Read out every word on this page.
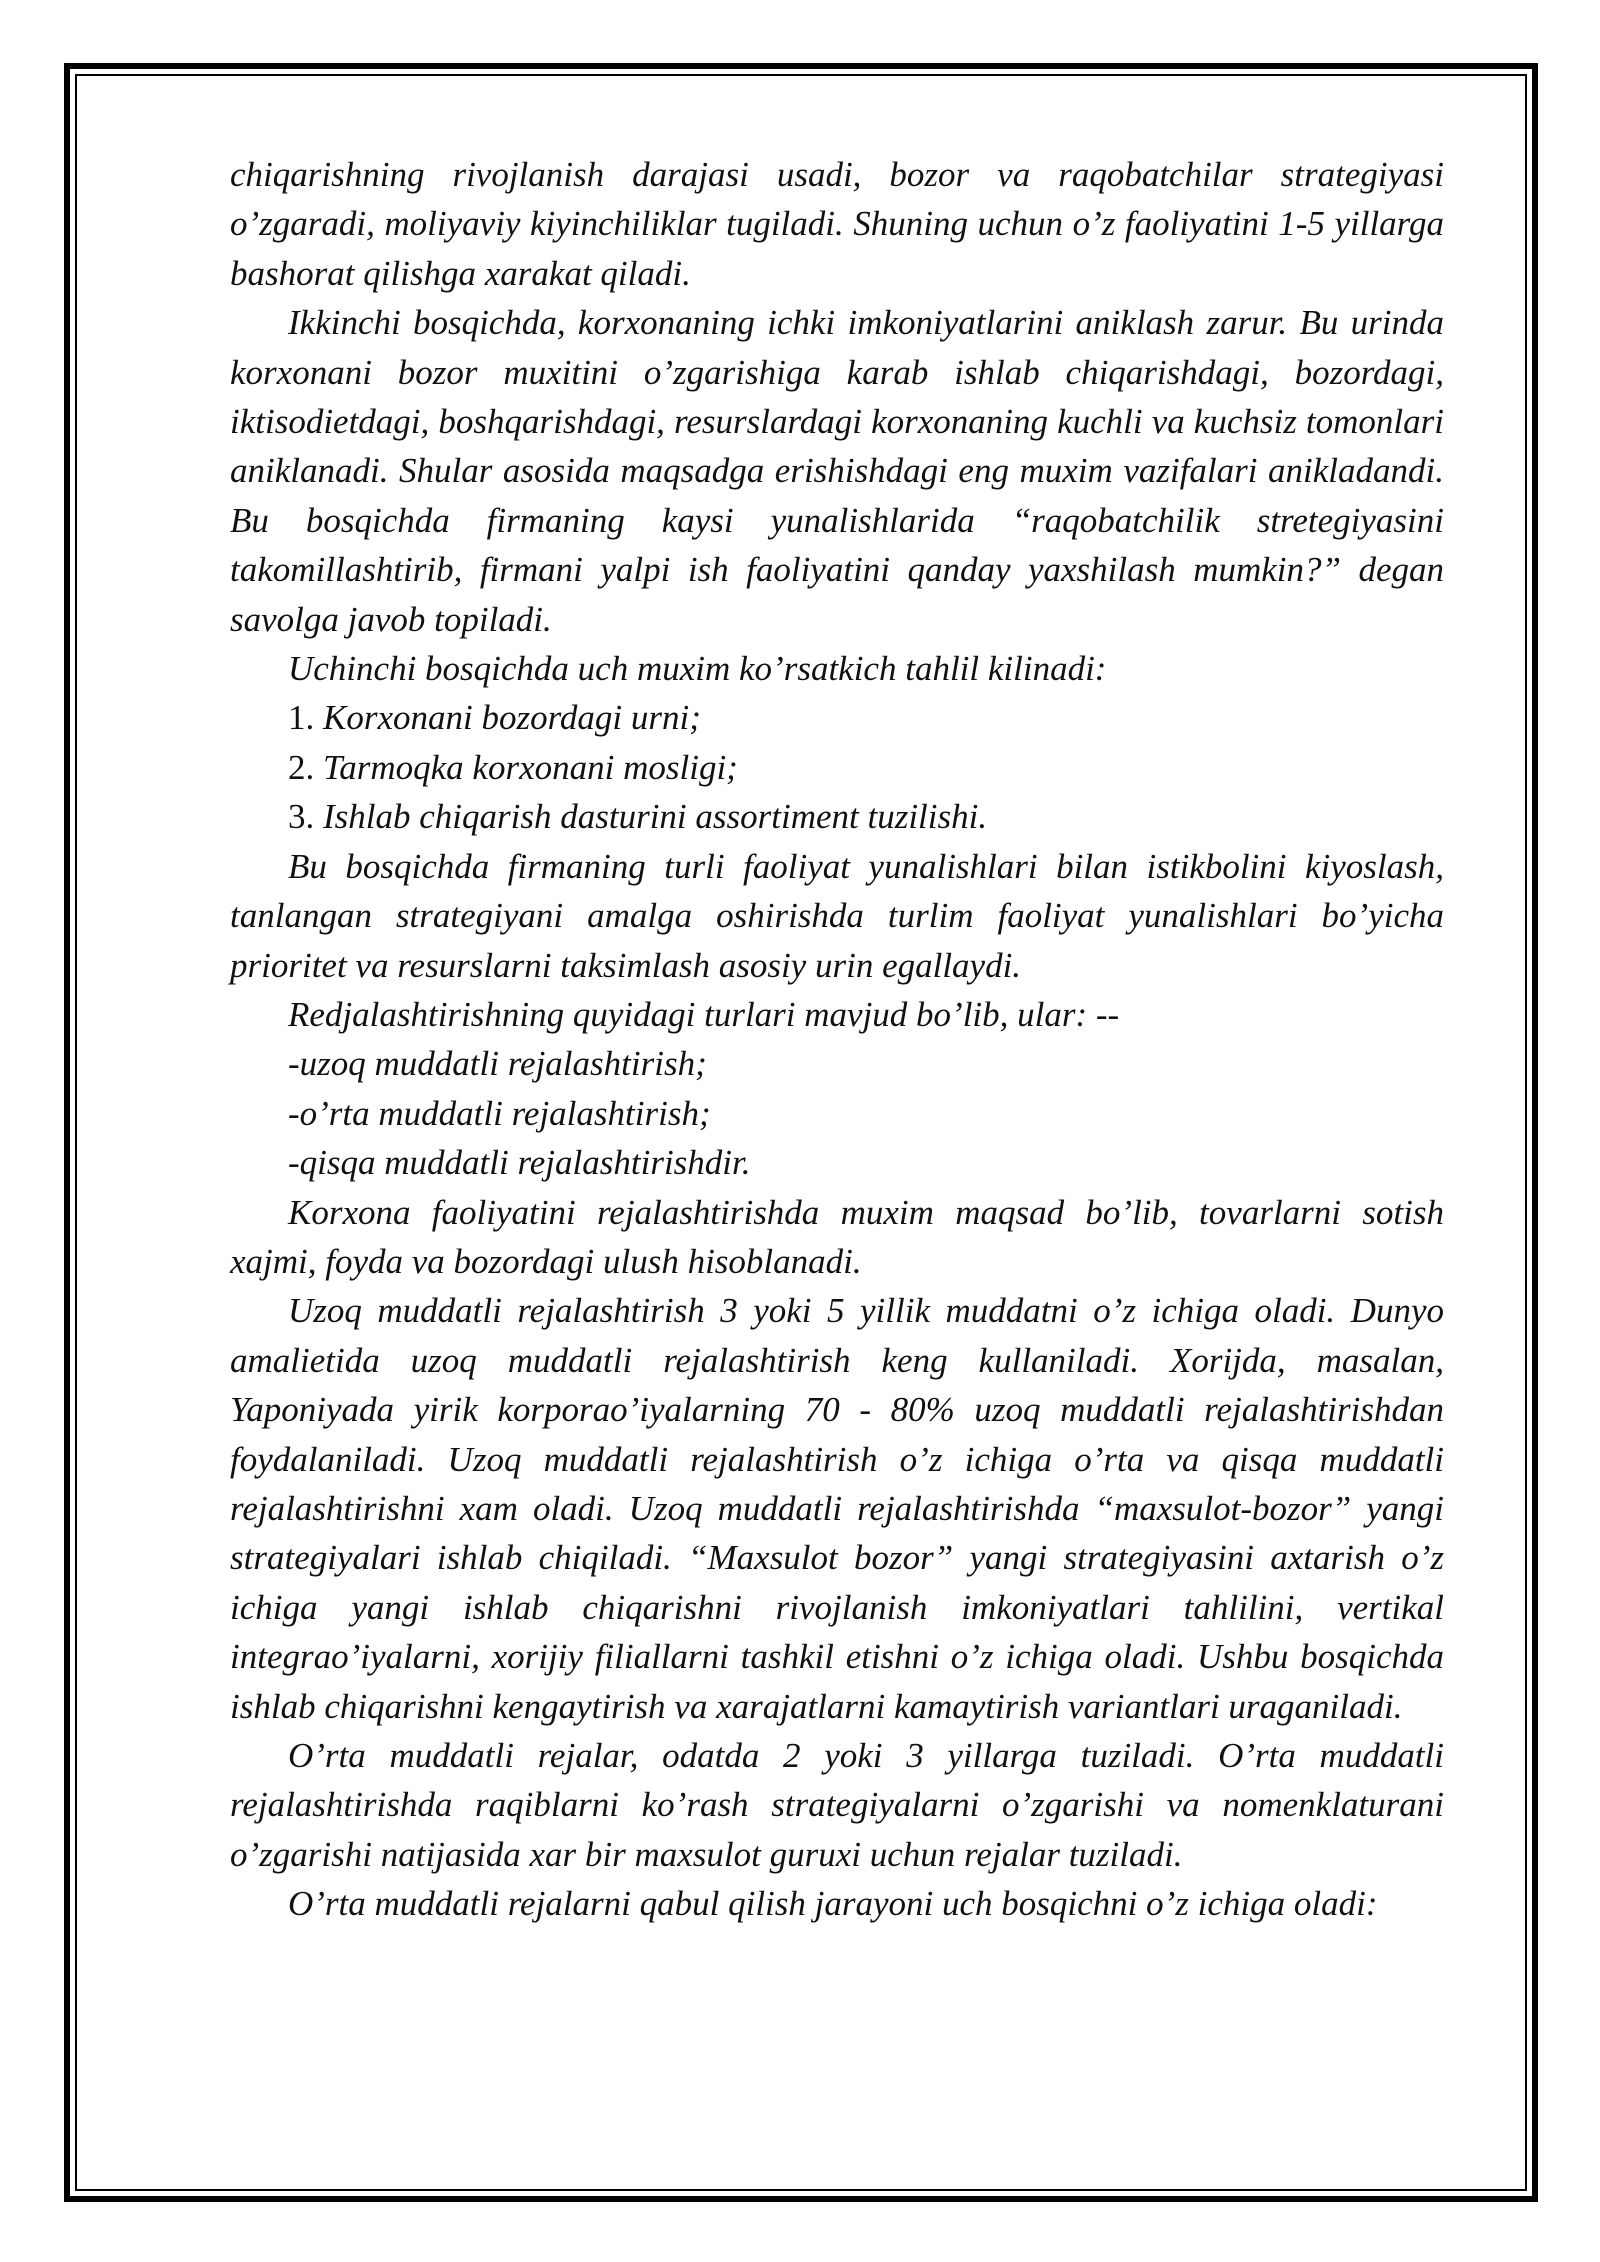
chiqarishning rivojlanish darajasi usadi, bozor va raqobatchilar strategiyasi o’zgaradi, moliyaviy kiyinchiliklar tugiladi. Shuning uchun o’z faoliyatini 1-5 yillarga bashorat qilishga xarakat qiladi.

Ikkinchi bosqichda, korxonaning ichki imkoniyatlarini aniklash zarur. Bu urinda korxonani bozor muxitini o’zgarishiga karab ishlab chiqarishdagi, bozordagi, iktisodietdagi, boshqarishdagi, resurslardagi korxonaning kuchli va kuchsiz tomonlari aniklanadi. Shular asosida maqsadga erishishdagi eng muxim vazifalari anikladandi. Bu bosqichda firmaning kaysi yunalishlarida “raqobatchilik stretegiyasini takomillashtirib, firmani yalpi ish faoliyatini qanday yaxshilash mumkin?” degan savolga javob topiladi.

Uchinchi bosqichda uch muxim ko’rsatkich tahlil kilinadi:

1. Korxonani bozordagi urni;

2. Tarmoqka korxonani mosligi;

3. Ishlab chiqarish dasturini assortiment tuzilishi.

Bu bosqichda firmaning turli faoliyat yunalishlari bilan istikbolini kiyoslash, tanlangan strategiyani amalga oshirishda turlim faoliyat yunalishlari bo’yicha prioritet va resurslarni taksimlash asosiy urin egallaydi.

Redjalashtirishning quyidagi turlari mavjud bo’lib, ular: --

-uzoq muddatli rejalashtirish;

-o’rta muddatli rejalashtirish;

-qisqa muddatli rejalashtirishdir.

Korxona faoliyatini rejalashtirishda muxim maqsad bo’lib, tovarlarni sotish xajmi, foyda va bozordagi ulush hisoblanadi.

Uzoq muddatli rejalashtirish 3 yoki 5 yillik muddatni o’z ichiga oladi. Dunyo amalietida uzoq muddatli rejalashtirish keng kullaniladi. Xorijda, masalan, Yaponiyada yirik korporao’iyalarning 70 - 80% uzoq muddatli rejalashtirishdan foydalaniladi. Uzoq muddatli rejalashtirish o’z ichiga o’rta va qisqa muddatli rejalashtirishni xam oladi. Uzoq muddatli rejalashtirishda “maxsulot-bozor” yangi strategiyalari ishlab chiqiladi. “Maxsulot bozor” yangi strategiyasini axtarish o’z ichiga yangi ishlab chiqarishni rivojlanish imkoniyatlari tahlilini, vertikal integrao’iyalarni, xorijiy filiallarni tashkil etishni o’z ichiga oladi. Ushbu bosqichda ishlab chiqarishni kengaytirish va xarajatlarni kamaytirish variantlari uraganiladi.

O’rta muddatli rejalar, odatda 2 yoki 3 yillarga tuziladi. O’rta muddatli rejalashtirishda raqiblarni ko’rash strategiyalarni o’zgarishi va nomenklaturani o’zgarishi natijasida xar bir maxsulot guruxi uchun rejalar tuziladi.

O’rta muddatli rejalarni qabul qilish jarayoni uch bosqichni o’z ichiga oladi:
